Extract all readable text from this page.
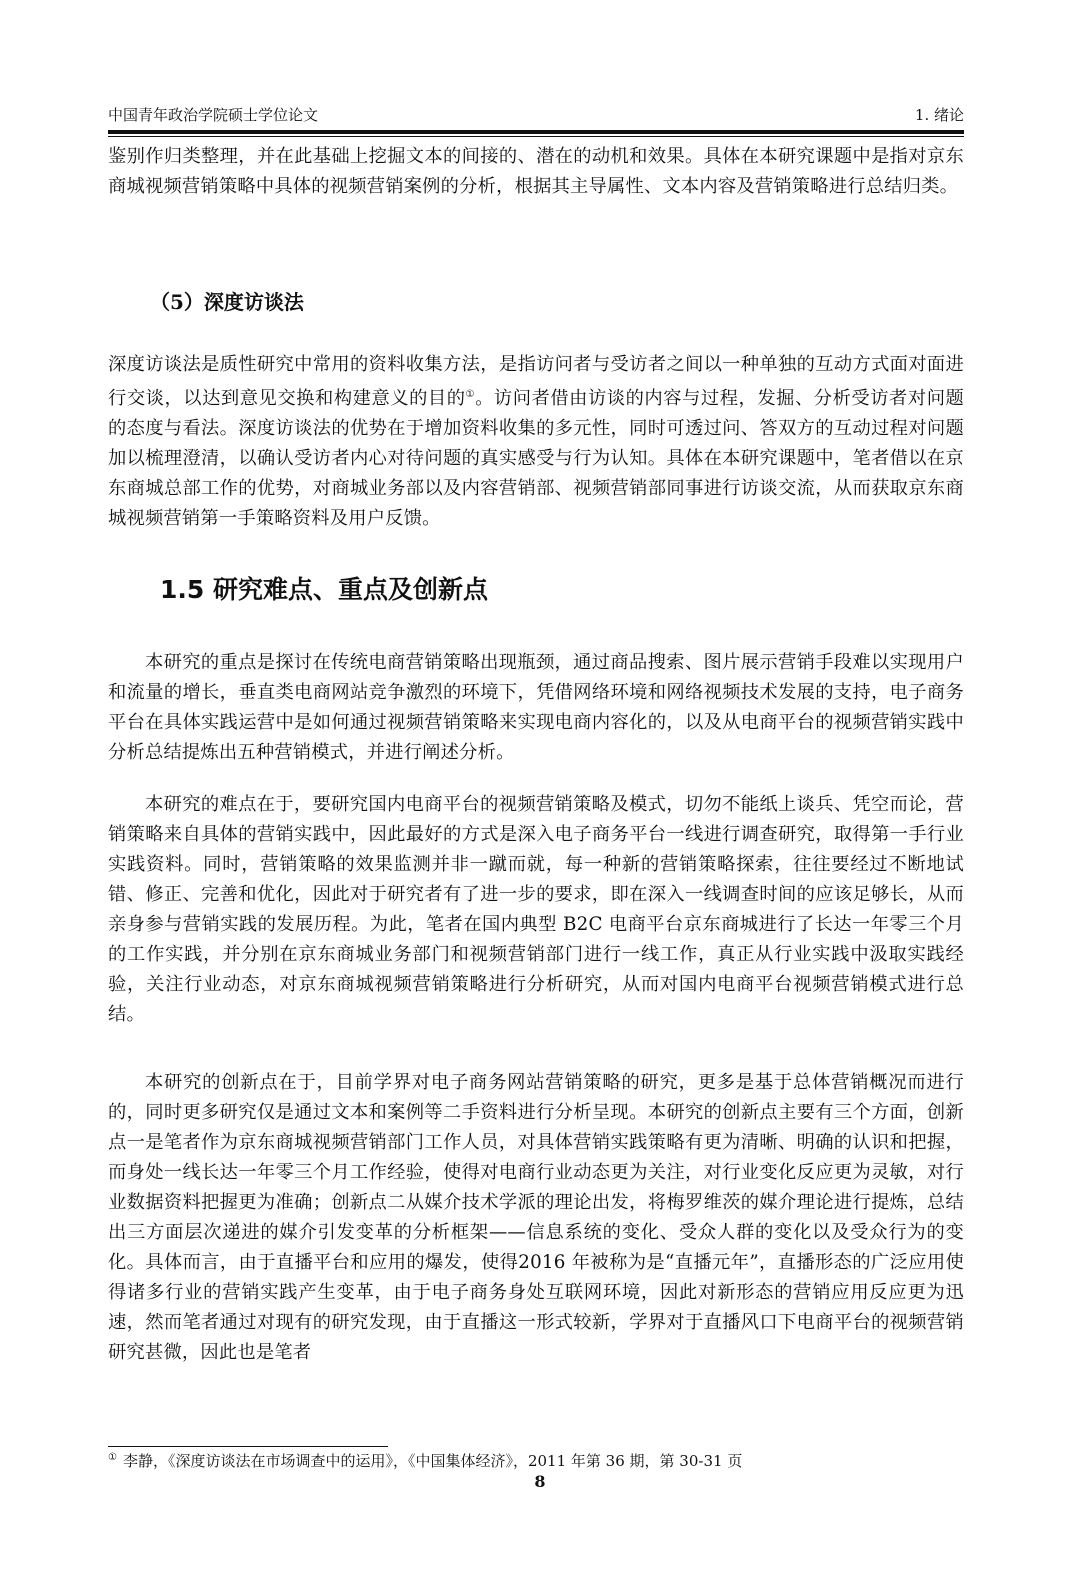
中国青年政治学院硕士学位论文	1. 绪论

鉴别作归类整理，并在此基础上挖掘文本的间接的、潜在的动机和效果。具体在本研究课题中是指对京东商城视频营销策略中具体的视频营销案例的分析，根据其主导属性、文本内容及营销策略进行总结归类。

（5）深度访谈法

深度访谈法是质性研究中常用的资料收集方法，是指访问者与受访者之间以一种单独的互动方式面对面进行交谈，以达到意见交换和构建意义的目的①。访问者借由访谈的内容与过程，发掘、分析受访者对问题的态度与看法。深度访谈法的优势在于增加资料收集的多元性，同时可透过问、答双方的互动过程对问题加以梳理澄清，以确认受访者内心对待问题的真实感受与行为认知。具体在本研究课题中，笔者借以在京东商城总部工作的优势，对商城业务部以及内容营销部、视频营销部同事进行访谈交流，从而获取京东商城视频营销第一手策略资料及用户反馈。

1.5 研究难点、重点及创新点

本研究的重点是探讨在传统电商营销策略出现瓶颈，通过商品搜索、图片展示营销手段难以实现用户和流量的增长，垂直类电商网站竞争激烈的环境下，凭借网络环境和网络视频技术发展的支持，电子商务平台在具体实践运营中是如何通过视频营销策略来实现电商内容化的，以及从电商平台的视频营销实践中分析总结提炼出五种营销模式，并进行阐述分析。

本研究的难点在于，要研究国内电商平台的视频营销策略及模式，切勿不能纸上谈兵、凭空而论，营销策略来自具体的营销实践中，因此最好的方式是深入电子商务平台一线进行调查研究，取得第一手行业实践资料。同时，营销策略的效果监测并非一蹴而就，每一种新的营销策略探索，往往要经过不断地试错、修正、完善和优化，因此对于研究者有了进一步的要求，即在深入一线调查时间的应该足够长，从而亲身参与营销实践的发展历程。为此，笔者在国内典型 B2C 电商平台京东商城进行了长达一年零三个月的工作实践，并分别在京东商城业务部门和视频营销部门进行一线工作，真正从行业实践中汲取实践经验，关注行业动态，对京东商城视频营销策略进行分析研究，从而对国内电商平台视频营销模式进行总结。

本研究的创新点在于，目前学界对电子商务网站营销策略的研究，更多是基于总体营销概况而进行的，同时更多研究仅是通过文本和案例等二手资料进行分析呈现。本研究的创新点主要有三个方面，创新点一是笔者作为京东商城视频营销部门工作人员，对具体营销实践策略有更为清晰、明确的认识和把握，而身处一线长达一年零三个月工作经验，使得对电商行业动态更为关注，对行业变化反应更为灵敏，对行业数据资料把握更为准确；创新点二从媒介技术学派的理论出发，将梅罗维茨的媒介理论进行提炼，总结出三方面层次递进的媒介引发变革的分析框架——信息系统的变化、受众人群的变化以及受众行为的变化。具体而言，由于直播平台和应用的爆发，使得2016 年被称为是“直播元年”，直播形态的广泛应用使得诸多行业的营销实践产生变革，由于电子商务身处互联网环境，因此对新形态的营销应用反应更为迅速，然而笔者通过对现有的研究发现，由于直播这一形式较新，学界对于直播风口下电商平台的视频营销研究甚微，因此也是笔者

① 李静，《深度访谈法在市场调查中的运用》，《中国集体经济》，2011 年第 36 期，第 30-31 页
8
